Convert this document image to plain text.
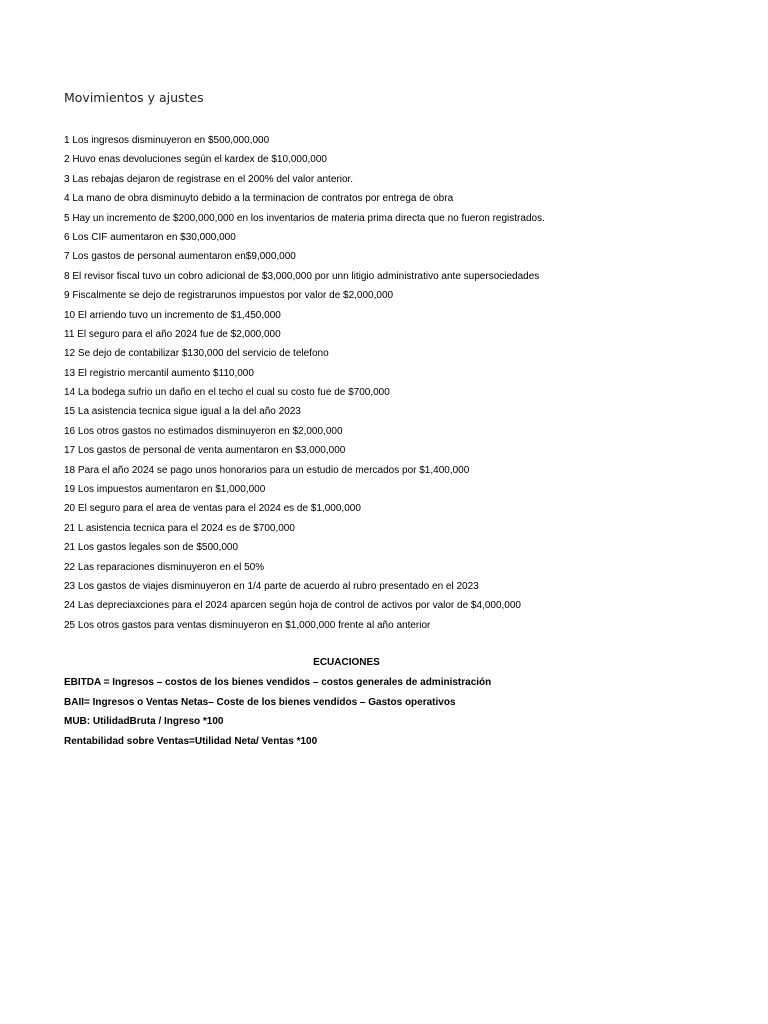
Movimientos y ajustes
1 Los ingresos disminuyeron en $500,000,000
2 Huvo enas devoluciones según el kardex de $10,000,000
3 Las rebajas dejaron de registrase en el 200% del valor anterior.
4 La mano de obra disminuyto debido a la terminacion de contratos por entrega de obra
5 Hay un incremento de $200,000,000 en los inventarios de materia prima directa que no fueron registrados.
6 Los CIF aumentaron en $30,000,000
7 Los gastos de personal aumentaron en$9,000,000
8 El revisor fiscal tuvo un cobro adicional de $3,000,000 por unn litigio administrativo ante supersociedades
9 Fiscalmente se dejo de registrarunos impuestos por valor de $2,000,000
10 El arriendo tuvo un incremento de $1,450,000
11 El seguro para el año 2024 fue de $2,000,000
12 Se dejo de contabilizar $130,000 del servicio de telefono
13 El registrio mercantil aumento $110,000
14 La bodega sufrio un daño en el techo el cual su costo fue de $700,000
15 La asistencia tecnica sigue igual a la del año 2023
16 Los otros gastos no estimados disminuyeron en $2,000,000
17 Los gastos de personal de venta aumentaron en $3,000,000
18 Para el año 2024 se pago unos honorarios para un estudio de mercados por $1,400,000
19 Los impuestos aumentaron en $1,000,000
20 El seguro para el area de ventas para el 2024 es de $1,000,000
21 L asistencia tecnica para el 2024 es de $700,000
21 Los gastos legales son de $500,000
22 Las reparaciones disminuyeron en el 50%
23 Los gastos de viajes disminuyeron en 1/4 parte de acuerdo al rubro presentado en el 2023
24 Las depreciaxciones para el 2024 aparcen según hoja de control de activos por valor de $4,000,000
25 Los otros gastos para ventas disminuyeron en $1,000,000 frente al año anterior
ECUACIONES
EBITDA = Ingresos – costos de los bienes vendidos – costos generales de administración
BAII= Ingresos o Ventas Netas– Coste de los bienes vendidos – Gastos operativos
MUB: UtilidadBruta / Ingreso *100
Rentabilidad sobre Ventas=Utilidad Neta/ Ventas *100
